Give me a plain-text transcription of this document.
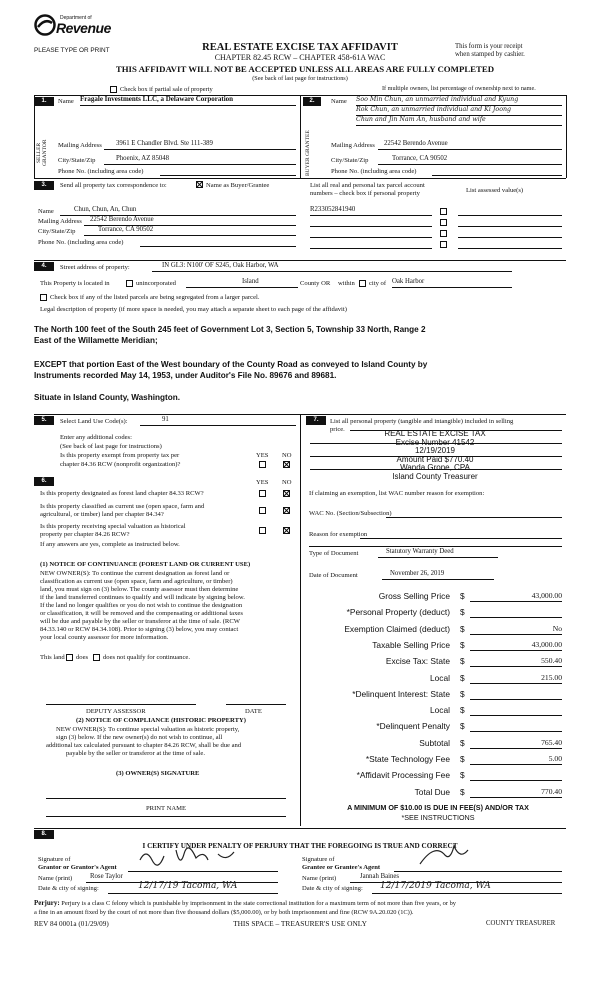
Department of
Revenue
PLEASE TYPE OR PRINT	REAL ESTATE EXCISE TAX AFFIDAVIT
CHAPTER 82.45 RCW – CHAPTER 458-61A WAC
This form is your receipt
when stamped by cashier.
THIS AFFIDAVIT WILL NOT BE ACCEPTED UNLESS ALL AREAS ARE FULLY COMPLETED
(See back of last page for instructions)
Check box if partial sale of property	If multiple owners, list percentage of ownership next to name.
1.	Name Fragale Investments LLC, a Delaware Corporation
SELLER GRANTOR Mailing Address	3961 E Chandler Blvd. Ste 111-389
City/State/Zip	Phoenix, AZ 85048
Phone No. (including area code)
2.	Name Soo Min Chun, an unmarried individual and Kyung
Rok Chun, an unmarried individual and Ki Joong
Chun and Jin Nam An, husband and wife
BUYER GRANTEE	Mailing Address	22542 Berendo Avenue
City/State/Zip	Torrance, CA 90502
Phone No. (including area code)
3.	Send all property tax correspondence to:	Name as Buyer/Grantee	List all real and personal tax parcel account
numbers – check box if personal property	List assessed value(s)
Name	Chun, Chun, An, Chun
Mailing Address	22542 Berendo Avenue
City/State/Zip	Torrance, CA 90502
Phone No. (including area code)
R233052841940
4.	Street address of property:	IN GL3: N100' OF S245, Oak Harbor, WA
This Property is located in	unincorporated	Island	County OR within city of Oak Harbor
Check box if any of the listed parcels are being segregated from a larger parcel.
Legal description of property (if more space is needed, you may attach a separate sheet to each page of the affidavit)
The North 100 feet of the South 245 feet of Government Lot 3, Section 5, Township 33 North, Range 2
East of the Willamette Meridian;
EXCEPT that portion East of the West boundary of the County Road as conveyed to Island County by
Instruments recorded May 14, 1953, under Auditor's File No. 89676 and 89681.
Situate in Island County, Washington.
5.	Select Land Use Code(s):	91
Enter any additional codes:
(See back of last page for instructions)
Is this property exempt from property tax per
chapter 84.36 RCW (nonprofit organization)?
YES NO
6.	YES NO
Is this property designated as forest land chapter 84.33 RCW?
Is this property classified as current use (open space, farm and
agricultural, or timber) land per chapter 84.34?
Is this property receiving special valuation as historical
property per chapter 84.26 RCW?
If any answers are yes, complete as instructed below.
(1) NOTICE OF CONTINUANCE (FOREST LAND OR CURRENT USE)
NEW OWNER(S): To continue the current designation as forest land or
classification as current use (open space, farm and agriculture, or timber)
land, you must sign on (3) below. The county assessor must then determine
if the land transferred continues to qualify and will indicate by signing below.
If the land no longer qualifies or you do not wish to continue the designation
or classification, it will be removed and the compensating or additional taxes
will be due and payable by the seller or transferor at the time of sale. (RCW
84.33.140 or RCW 84.34.108). Prior to signing (3) below, you may contact
your local county assessor for more information.
This land does does not qualify for continuance.
DEPUTY ASSESSOR	DATE
(2) NOTICE OF COMPLIANCE (HISTORIC PROPERTY)
NEW OWNER(S): To continue special valuation as historic property,
sign (3) below. If the new owner(s) do not wish to continue, all
additional tax calculated pursuant to chapter 84.26 RCW, shall be due and
payable by the seller or transferor at the time of sale.
(3) OWNER(S) SIGNATURE
PRINT NAME
7.	List all personal property (tangible and intangible) included in selling
price.	REAL ESTATE EXCISE TAX
Excise Number 41542
12/19/2019
Amount Paid $770.40
Wanda Grone, CPA
Island County Treasurer
If claiming an exemption, list WAC number reason for exemption:
WAC No. (Section/Subsection)
Reason for exemption
Type of Document	Statutory Warranty Deed
Date of Document	November 26, 2019
Gross Selling Price $	43,000.00
*Personal Property (deduct) $
Exemption Claimed (deduct) $	No
Taxable Selling Price $	43,000.00
Excise Tax: State $	550.40
Local $	215.00
*Delinquent Interest: State $
Local $
*Delinquent Penalty $
Subtotal $	765.40
*State Technology Fee $	5.00
*Affidavit Processing Fee $
Total Due $	770.40
A MINIMUM OF $10.00 IS DUE IN FEE(S) AND/OR TAX
*SEE INSTRUCTIONS
8.
I CERTIFY UNDER PENALTY OF PERJURY THAT THE FOREGOING IS TRUE AND CORRECT
Signature of
Grantor or Grantor's Agent
Name (print)	Rose Taylor
Date & city of signing:	12/17/19 Tacoma, WA
Signature of
Grantee or Grantee's Agent
Name (print)	Jannah Baines
Date & city of signing:	12/17/2019 Tacoma, WA
Perjury: Perjury is a class C felony which is punishable by imprisonment in the state correctional institution for a maximum term of not more than five years, or by
a fine in an amount fixed by the court of not more than five thousand dollars ($5,000.00), or by both imprisonment and fine (RCW 9A.20.020 (1C)).
REV 84 0001a (01/29/09)	THIS SPACE – TREASURER'S USE ONLY	COUNTY TREASURER
